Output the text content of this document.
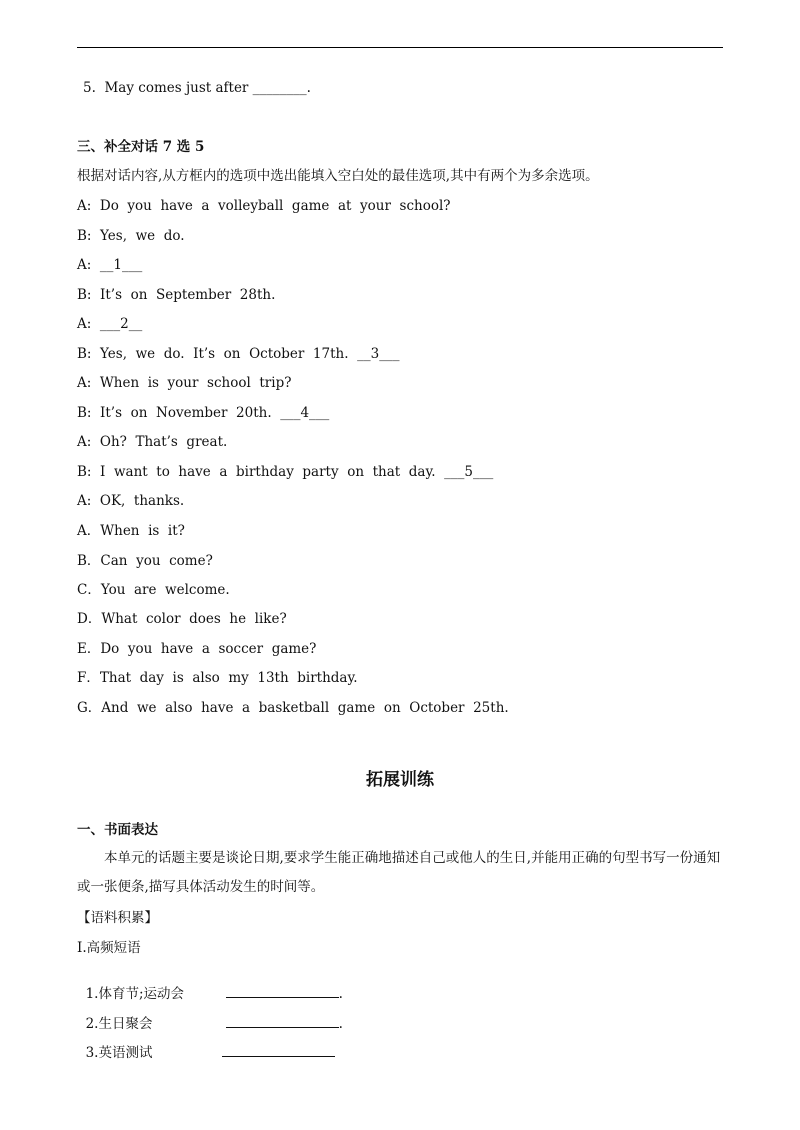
5.  May comes just after ________.
三、补全对话 7 选 5
根据对话内容,从方框内的选项中选出能填入空白处的最佳选项,其中有两个为多余选项。
A:  Do  you  have  a  volleyball  game  at  your  school?
B:  Yes,  we  do.
A:  __1___
B:  It’s  on  September  28th.
A:  ___2__
B:  Yes,  we  do.  It’s  on  October  17th.  __3___
A:  When  is  your  school  trip?
B:  It’s  on  November  20th.  ___4___
A:  Oh?  That’s  great.
B:  I  want  to  have  a  birthday  party  on  that  day.  ___5___
A:  OK,  thanks.
A．When  is  it?
B．Can  you  come?
C．You  are  welcome.
D．What  color  does  he  like?
E．Do  you  have  a  soccer  game?
F．That  day  is  also  my  13th  birthday.
G．And  we  also  have  a  basketball  game  on  October  25th.
拓展训练
一、书面表达
本单元的话题主要是谈论日期,要求学生能正确地描述自己或他人的生日,并能用正确的句型书写一份通知或一张便条,描写具体活动发生的时间等。
【语料积累】
Ⅰ.高频短语

1.体育节;运动会	.

2.生日聚会	.

3.英语测试
